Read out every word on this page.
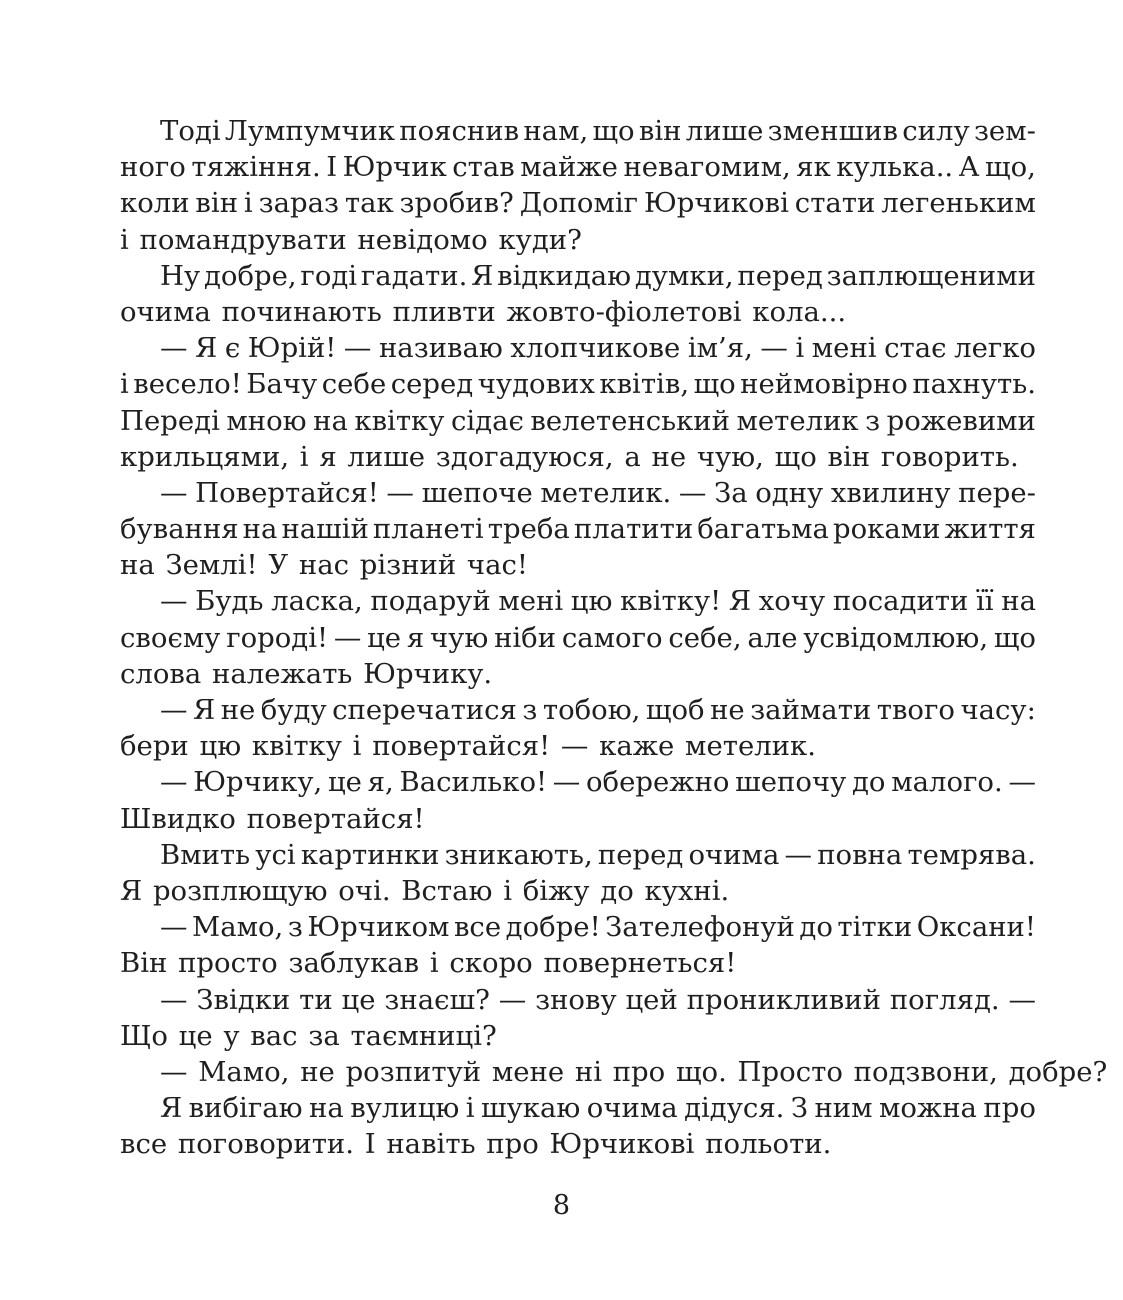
Тоді Лумпумчик пояснив нам, що він лише зменшив силу зем-
ного тяжіння. І Юрчик став майже невагомим, як кулька.. А що,
коли він і зараз так зробив? Допоміг Юрчикові стати легеньким
і помандрувати невідомо куди?
Ну добре, годі гадати. Я відкидаю думки, перед заплющеними
очима починають пливти жовто-фіолетові кола...
— Я є Юрій! — називаю хлопчикове ім’я, — і мені стає легко
і весело! Бачу себе серед чудових квітів, що неймовірно пахнуть.
Переді мною на квітку сідає велетенський метелик з рожевими
крильцями, і я лише здогадуюся, а не чую, що він говорить.
— Повертайся! — шепоче метелик. — За одну хвилину пере-
бування на нашій планеті треба платити багатьма роками життя
на Землі! У нас різний час!
— Будь ласка, подаруй мені цю квітку! Я хочу посадити її на
своєму городі! — це я чую ніби самого себе, але усвідомлюю, що
слова належать Юрчику.
— Я не буду сперечатися з тобою, щоб не займати твого часу:
бери цю квітку і повертайся! — каже метелик.
— Юрчику, це я, Василько! — обережно шепочу до малого. —
Швидко повертайся!
Вмить усі картинки зникають, перед очима — повна темрява.
Я розплющую очі. Встаю і біжу до кухні.
— Мамо, з Юрчиком все добре! Зателефонуй до тітки Оксани!
Він просто заблукав і скоро повернеться!
— Звідки ти це знаєш? — знову цей проникливий погляд. —
Що це у вас за таємниці?
— Мамо, не розпитуй мене ні про що. Просто подзвони, добре?
Я вибігаю на вулицю і шукаю очима дідуся. З ним можна про
все поговорити. І навіть про Юрчикові польоти.
8
